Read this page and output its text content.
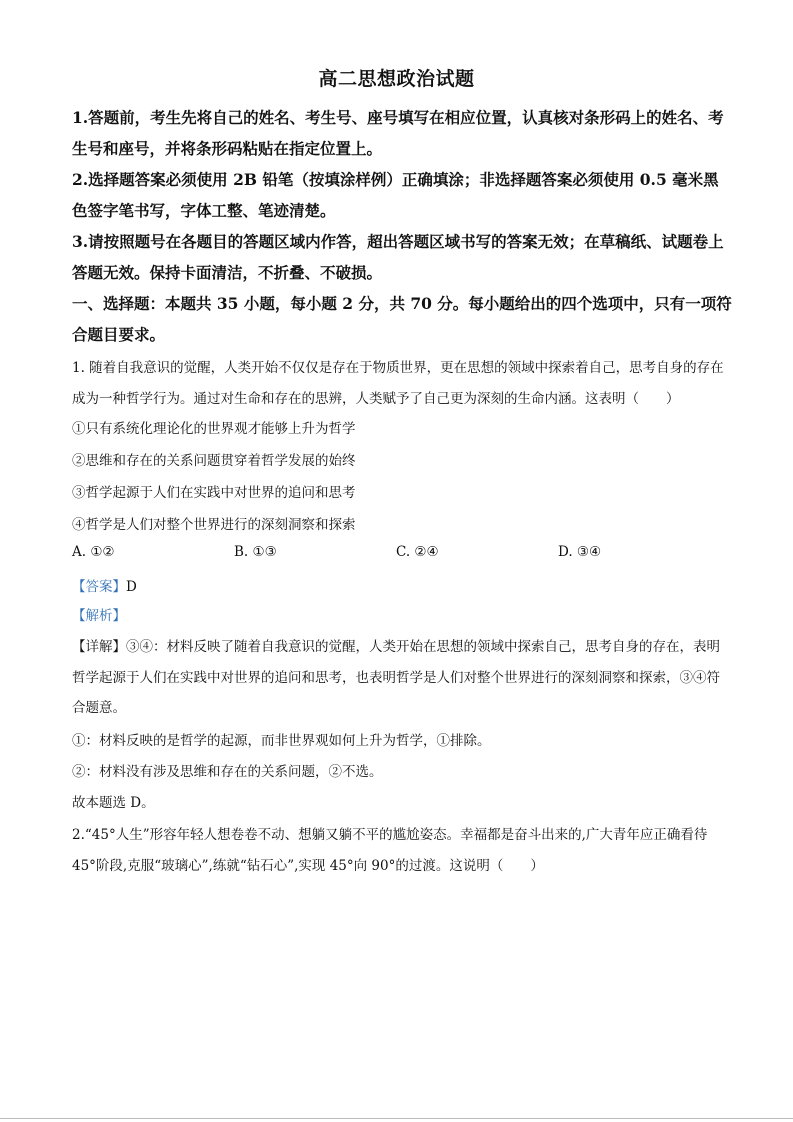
高二思想政治试题
1.答题前，考生先将自己的姓名、考生号、座号填写在相应位置，认真核对条形码上的姓名、考生号和座号，并将条形码粘贴在指定位置上。
2.选择题答案必须使用 2B 铅笔（按填涂样例）正确填涂；非选择题答案必须使用 0.5 毫米黑色签字笔书写，字体工整、笔迹清楚。
3.请按照题号在各题目的答题区域内作答，超出答题区域书写的答案无效；在草稿纸、试题卷上答题无效。保持卡面清洁，不折叠、不破损。
一、选择题：本题共 35 小题，每小题 2 分，共 70 分。每小题给出的四个选项中，只有一项符合题目要求。
1. 随着自我意识的觉醒，人类开始不仅仅是存在于物质世界，更在思想的领域中探索着自己，思考自身的存在成为一种哲学行为。通过对生命和存在的思辨，人类赋予了自己更为深刻的生命内涵。这表明（　　）
①只有系统化理论化的世界观才能够上升为哲学
②思维和存在的关系问题贯穿着哲学发展的始终
③哲学起源于人们在实践中对世界的追问和思考
④哲学是人们对整个世界进行的深刻洞察和探索
A. ①②	B. ①③	C. ②④	D. ③④
【答案】D
【解析】
【详解】③④：材料反映了随着自我意识的觉醒，人类开始在思想的领域中探索自己，思考自身的存在，表明哲学起源于人们在实践中对世界的追问和思考，也表明哲学是人们对整个世界进行的深刻洞察和探索，③④符合题意。
①：材料反映的是哲学的起源，而非世界观如何上升为哲学，①排除。
②：材料没有涉及思维和存在的关系问题，②不选。
故本题选 D。
2.“45°人生”形容年轻人想卷卷不动、想躺又躺不平的尴尬姿态。幸福都是奋斗出来的,广大青年应正确看待 45°阶段,克服“玻璃心”,练就“钻石心”,实现 45°向 90°的过渡。这说明（　　）
